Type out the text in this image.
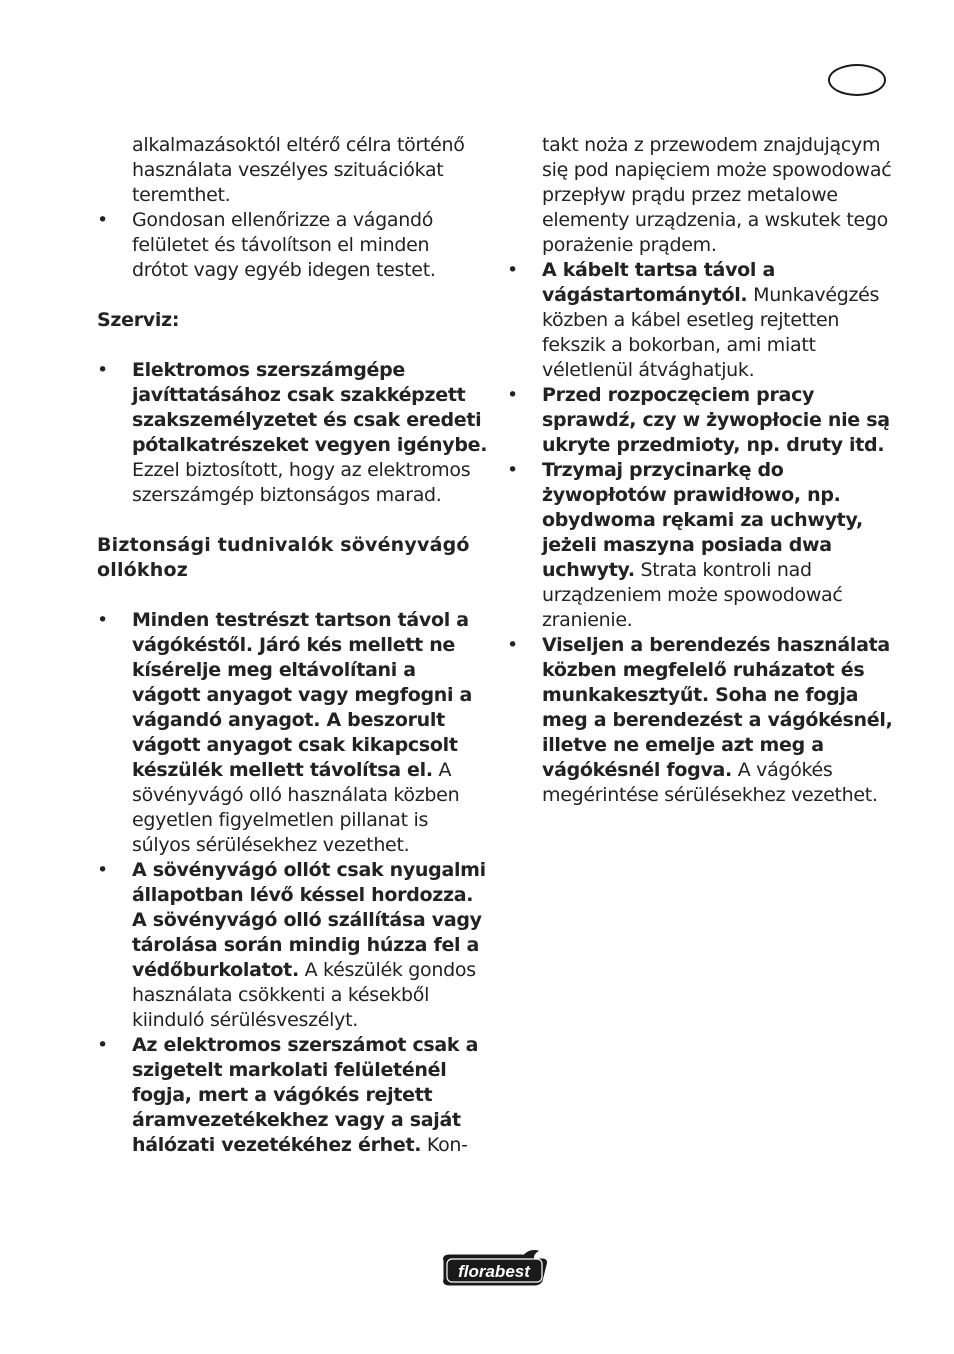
alkalmazásoktól eltérő célra történő használata veszélyes szituációkat teremthet.

•	Gondosan ellenőrizze a vágandó felületet és távolítson el minden drótot vagy egyéb idegen testet.

Szerviz:

•	Elektromos szerszámgépe javíttatásához csak szakképzett szakszemélyzetet és csak eredeti pótalkatrészeket vegyen igénybe. Ezzel biztosított, hogy az elektromos szerszámgép biztonságos marad.

Biztonsági tudnivalók sövényvágó ollókhoz

•	Minden testrészt tartson távol a vágókéstől. Járó kés mellett ne kísérelje meg eltávolítani a vágott anyagot vagy megfogni a vágandó anyagot. A beszorult vágott anyagot csak kikapcsolt készülék mellett távolítsa el. A sövényvágó olló használata közben egyetlen figyelmetlen pillanat is súlyos sérülésekhez vezethet.
•	A sövényvágó ollót csak nyugalmi állapotban lévő késsel hordozza. A sövényvágó olló szállítása vagy tárolása során mindig húzza fel a védőburkolatot. A készülék gondos használata csökkenti a késekből kiinduló sérülésveszélyt.
•	Az elektromos szerszámot csak a szigetelt markolati felületénél fogja, mert a vágókés rejtett áramvezetékekhez vagy a saját hálózati vezetékéhez érhet. Kon-

takt noża z przewodem znajdującym się pod napięciem może spowodować przepływ prądu przez metalowe elementy urządzenia, a wskutek tego porażenie prądem.

•	A kábelt tartsa távol a vágástartománytól. Munkavégzés közben a kábel esetleg rejtetten fekszik a bokorban, ami miatt véletlenül átvághatjuk.
•	Przed rozpoczęciem pracy sprawdź, czy w żywopłocie nie są ukryte przedmioty, np. druty itd.
•	Trzymaj przycinarkę do żywopłotów prawidłowo, np. obydwoma rękami za uchwyty, jeżeli maszyna posiada dwa uchwyty. Strata kontroli nad urządzeniem może spowodować zranienie.
•	Viseljen a berendezés használata közben megfelelő ruházatot és munkakesztyűt. Soha ne fogja meg a berendezést a vágókésnél, illetve ne emelje azt meg a vágókésnél fogva. A vágókés megérintése sérülésekhez vezethet.
florabest
